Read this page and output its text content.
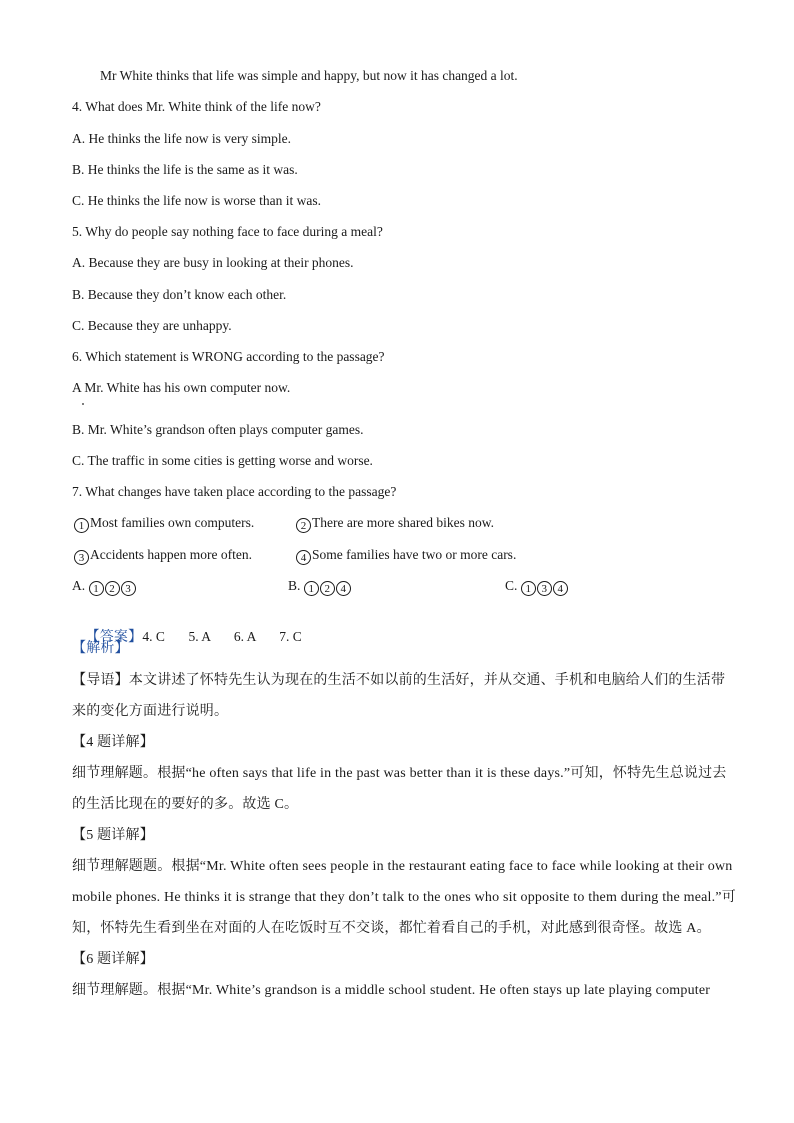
Mr White thinks that life was simple and happy, but now it has changed a lot.
4. What does Mr. White think of the life now?
A. He thinks the life now is very simple.
B. He thinks the life is the same as it was.
C. He thinks the life now is worse than it was.
5. Why do people say nothing face to face during a meal?
A. Because they are busy in looking at their phones.
B. Because they don’t know each other.
C. Because they are unhappy.
6. Which statement is WRONG according to the passage?
A Mr. White has his own computer now.
B. Mr. White’s grandson often plays computer games.
C. The traffic in some cities is getting worse and worse.
7. What changes have taken place according to the passage?
1 Most families own computers.	2 There are more shared bikes now.
3 Accidents happen more often.	4 Some families have two or more cars.
A. 1 2 3	B. 1 2 4	C. 1 3 4

【答案】4. C       5. A       6. A       7. C

【解析】
【导语】本文讲述了怀特先生认为现在的生活不如以前的生活好，并从交通、手机和电脑给人们的生活带
来的变化方面进行说明。
【4 题详解】
细节理解题。根据“he often says that life in the past was better than it is these days.”可知，怀特先生总说过去
的生活比现在的要好的多。故选 C。
【5 题详解】
细节理解题题。根据“Mr. White often sees people in the restaurant eating face to face while looking at their own
mobile phones. He thinks it is strange that they don’t talk to the ones who sit opposite to them during the meal.”可
知，怀特先生看到坐在对面的人在吃饭时互不交谈，都忙着看自己的手机，对此感到很奇怪。故选 A。
【6 题详解】
细节理解题。根据“Mr. White’s grandson is a middle school student. He often stays up late playing computer
